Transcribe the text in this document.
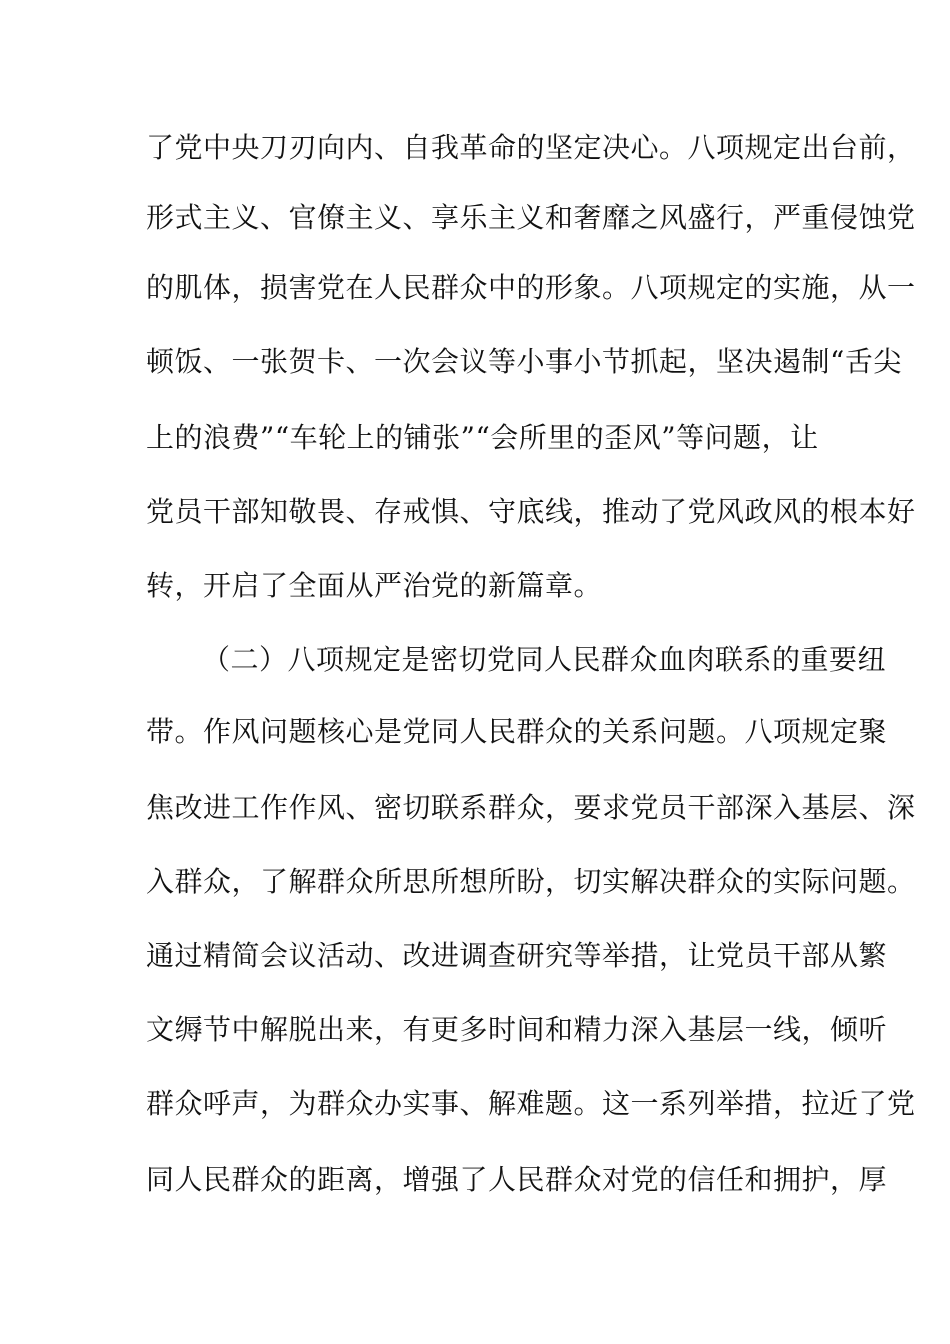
了党中央刀刃向内、自我革命的坚定决心。八项规定出台前，
形式主义、官僚主义、享乐主义和奢靡之风盛行，严重侵蚀党
的肌体，损害党在人民群众中的形象。八项规定的实施，从一
顿饭、一张贺卡、一次会议等小事小节抓起，坚决遏制“舌尖
上的浪费”“车轮上的铺张”“会所里的歪风”等问题，让
党员干部知敬畏、存戒惧、守底线，推动了党风政风的根本好
转，开启了全面从严治党的新篇章。
（二）八项规定是密切党同人民群众血肉联系的重要纽
带。作风问题核心是党同人民群众的关系问题。八项规定聚
焦改进工作作风、密切联系群众，要求党员干部深入基层、深
入群众，了解群众所思所想所盼，切实解决群众的实际问题。
通过精简会议活动、改进调查研究等举措，让党员干部从繁
文缛节中解脱出来，有更多时间和精力深入基层一线，倾听
群众呼声，为群众办实事、解难题。这一系列举措，拉近了党
同人民群众的距离，增强了人民群众对党的信任和拥护，厚
